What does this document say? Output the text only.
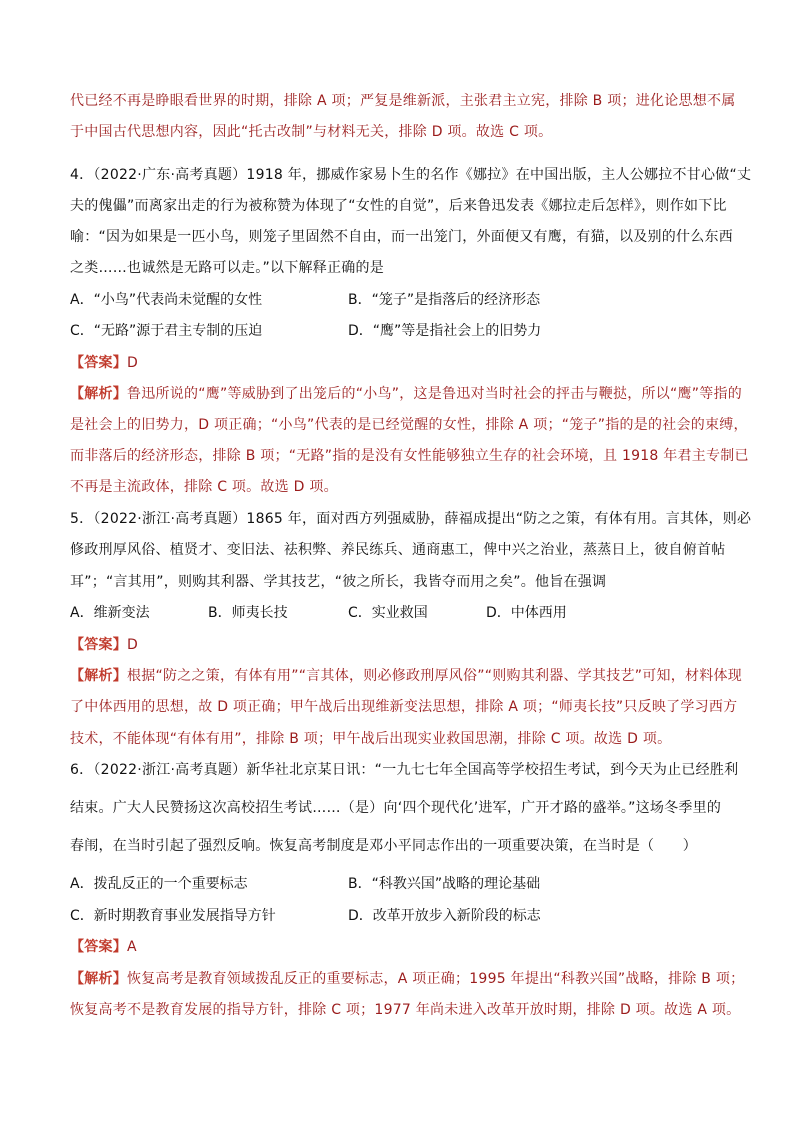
代已经不再是睁眼看世界的时期，排除 A 项；严复是维新派，主张君主立宪，排除 B 项；进化论思想不属
于中国古代思想内容，因此“托古改制”与材料无关，排除 D 项。故选 C 项。
4．（2022·广东·高考真题）1918 年，挪威作家易卜生的名作《娜拉》在中国出版，主人公娜拉不甘心做“丈
夫的傀儡”而离家出走的行为被称赞为体现了“女性的自觉”，后来鲁迅发表《娜拉走后怎样》，则作如下比
喻：“因为如果是一匹小鸟，则笼子里固然不自由，而一出笼门，外面便又有鹰，有猫，以及别的什么东西
之类……也诚然是无路可以走。”以下解释正确的是
A．“小鸟”代表尚未觉醒的女性	B．“笼子”是指落后的经济形态
C．“无路”源于君主专制的压迫	D．“鹰”等是指社会上的旧势力
【答案】D
【解析】鲁迅所说的“鹰”等威胁到了出笼后的“小鸟”，这是鲁迅对当时社会的抨击与鞭挞，所以“鹰”等指的
是社会上的旧势力，D 项正确；“小鸟”代表的是已经觉醒的女性，排除 A 项；“笼子”指的是的社会的束缚，
而非落后的经济形态，排除 B 项；“无路”指的是没有女性能够独立生存的社会环境，且 1918 年君主专制已
不再是主流政体，排除 C 项。故选 D 项。
5．（2022·浙江·高考真题）1865 年，面对西方列强威胁，薛福成提出“防之之策，有体有用。言其体，则必
修政刑厚风俗、植贤才、变旧法、祛积弊、养民练兵、通商惠工，俾中兴之治业，蒸蒸日上，彼自俯首帖
耳”；“言其用”，则购其利器、学其技艺，“彼之所长，我皆夺而用之矣”。他旨在强调
A．维新变法	B．师夷长技	C．实业救国	D．中体西用
【答案】D
【解析】根据“防之之策，有体有用”“言其体，则必修政刑厚风俗”“则购其利器、学其技艺”可知，材料体现
了中体西用的思想，故 D 项正确；甲午战后出现维新变法思想，排除 A 项；“师夷长技”只反映了学习西方
技术，不能体现“有体有用”，排除 B 项；甲午战后出现实业救国思潮，排除 C 项。故选 D 项。
6．（2022·浙江·高考真题）新华社北京某日讯：“一九七七年全国高等学校招生考试，到今天为止已经胜利
结束。广大人民赞扬这次高校招生考试……（是）向‘四个现代化’进军，广开才路的盛举。”这场冬季里的
春闱，在当时引起了强烈反响。恢复高考制度是邓小平同志作出的一项重要决策，在当时是（　　）
A．拨乱反正的一个重要标志	B．“科教兴国”战略的理论基础
C．新时期教育事业发展指导方针	D．改革开放步入新阶段的标志
【答案】A
【解析】恢复高考是教育领域拨乱反正的重要标志，A 项正确；1995 年提出“科教兴国”战略，排除 B 项；
恢复高考不是教育发展的指导方针，排除 C 项；1977 年尚未进入改革开放时期，排除 D 项。故选 A 项。
